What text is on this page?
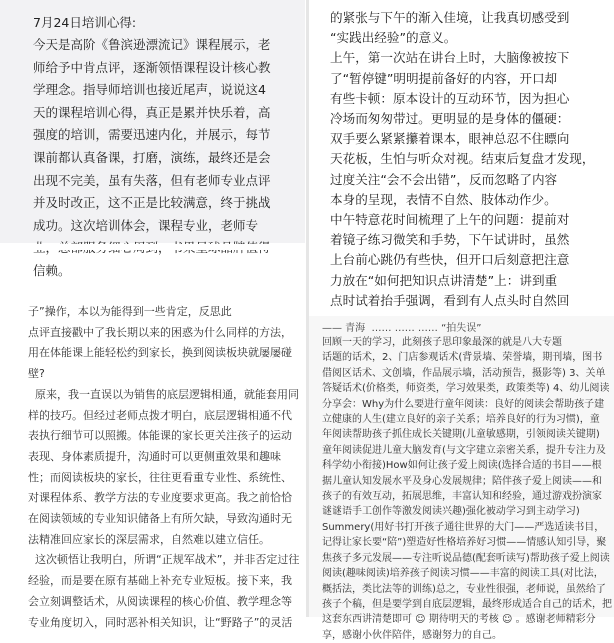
7月24日培训心得:

今天是高阶《鲁滨逊漂流记》课程展示，老

师给予中肯点评，逐渐领悟课程设计核心教

学理念。指导师培训也接近尾声，说说这4

天的课程培训心得，真正是累并快乐着，高

强度的培训，需要迅速内化，并展示，每节

课前都认真备课，打磨，演练，最终还是会

出现不完美，虽有失落，但有老师专业点评

并及时改正，这不正是比较满意，终于挑战

成功。这次培训体会，课程专业，老师专

信赖。

的紧张与下午的渐入佳境，让我真切感受到

“实践出经验”的意义。

上午，第一次站在讲台上时，大脑像被按下

了“暂停键”明明提前备好的内容，开口却

有些卡顿：原本设计的互动环节，因为担心

冷场而匆匆带过。更明显的是身体的僵硬：

双手要么紧紧攥着课本，眼神总忍不住瞟向

天花板，生怕与听众对视。结束后复盘才发现，

过度关注“会不会出错”，反而忽略了内容

本身的呈现，表情不自然、肢体动作少。

中午特意花时间梳理了上午的问题：提前对

着镜子练习微笑和手势，下午试讲时，虽然

上台前心跳仍有些快，但开口后刻意把注意

力放在“如何把知识点讲清楚”上：讲到重

点时试着抬手强调，看到有人点头时自然回

子”操作，本以为能得到一些肯定，反思此

点评直接戳中了我长期以来的困惑为什么同样的方法，

用在体能课上能轻松约到家长，换到阅读板块就屡屡碰

壁?

原来，我一直误以为销售的底层逻辑相通，就能套用同

样的技巧。但经过老师点拨才明白，底层逻辑相通不代

表执行细节可以照搬。体能课的家长更关注孩子的运动

表现、身体素质提升，沟通时可以更侧重效果和趣味

性；而阅读板块的家长，往往更看重专业性、系统性、

对课程体系、教学方法的专业度要求更高。我之前恰恰

在阅读领域的专业知识储备上有所欠缺，导致沟通时无

法精准回应家长的深层需求，自然难以建立信任。

这次顿悟让我明白，所谓“正规军战术”，并非否定过往

经验，而是要在原有基础上补充专业短板。接下来，我

会立刻调整话术，从阅读课程的核心价值、教学理念等

专业角度切入，同时恶补相关知识，让“野路子”的灵活

—— 青海  …… …… …… “拍失误”

回顾一天的学习，此刻孩子思印象最深的就是八大专题

话题的话术，2、门店参观话术(背景墙、荣誉墙，期刊墙，图书

借阅区话术、文创墙，作品展示墙，活动预告，摄影等) 3、关单

答疑话术(价格类，师资类，学习效果类，政策类等) 4、幼儿阅读

分享会：Why为什么要进行童年阅读：良好的阅读会帮助孩子建

立健康的人生(建立良好的亲子关系；培养良好的行为习惯)，童

年阅读帮助孩子抓住成长关键期(儿童敏感期，引领阅读关键期)

童年阅读促进儿童大脑发育(与文字建立亲密关系，提升专注力及

科学幼小衔接)How如何让孩子爱上阅读(选择合适的书目——根

据儿童认知发展水平及身心发展规律；陪伴孩子爱上阅读——和

孩子的有效互动，拓展思维，丰富认知和经验，通过游戏扮演家

谜谜语手工创作等激发阅读兴趣)强化被动学习到主动学习)

Summery(用好书打开孩子通往世界的大门——严选适读书目，

记得让家长要“陪”)塑造好性格培养好习惯——情感认知引导，聚

焦孩子多元发展——专注听说品德(配套听读写)帮助孩子爱上阅读

阅读(趣味阅读)培养孩子阅读习惯——丰富的阅读工具(对比法，

概括法，类比法等的训练)总之，专业性很强，老师说，虽然给了

孩子个稿，但是要学到自底层逻辑，最终形成适合自己的话术，把

这套东西讲清楚即可 ☺ 期待明天的考核 ☺ 。感谢老师精彩分

享，感谢小伙伴陪伴，感谢努力的自己。
